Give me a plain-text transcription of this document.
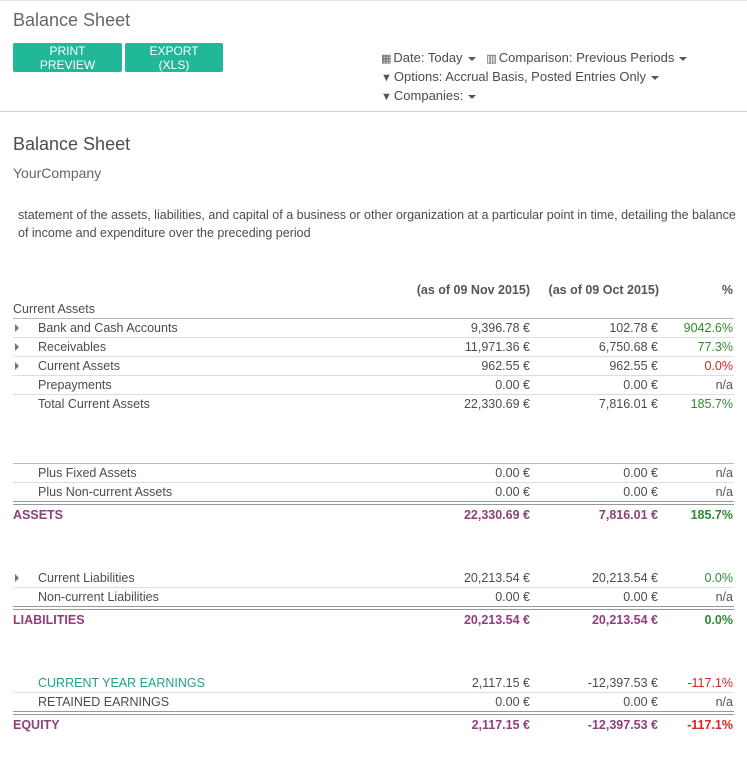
Balance Sheet
PRINT PREVIEW
EXPORT (XLS)	▦ Date: Today ▥ Comparison: Previous Periods
▼ Options: Accrual Basis, Posted Entries Only
▼ Companies:
Balance Sheet
YourCompany
statement of the assets, liabilities, and capital of a business or other organization at a particular point in time, detailing the balance of income and expenditure over the preceding period
(as of 09 Nov 2015) (as of 09 Oct 2015)	%
Current Assets
Bank and Cash Accounts	9,396.78 €	102.78 € 9042.6%
Receivables	11,971.36 €	6,750.68 €	77.3%
Current Assets	962.55 €	962.55 €	0.0%
Prepayments	0.00 €	0.00 €	n/a
Total Current Assets	22,330.69 €	7,816.01 €	185.7%
Plus Fixed Assets	0.00 €	0.00 €	n/a
Plus Non-current Assets	0.00 €	0.00 €	n/a
ASSETS	22,330.69 €	7,816.01 €	185.7%
Current Liabilities	20,213.54 €	20,213.54 €	0.0%
Non-current Liabilities	0.00 €	0.00 €	n/a
LIABILITIES	20,213.54 €	20,213.54 €	0.0%
CURRENT YEAR EARNINGS	2,117.15 €	-12,397.53 € -117.1%
RETAINED EARNINGS	0.00 €	0.00 €	n/a
EQUITY	2,117.15 €	-12,397.53 € -117.1%
